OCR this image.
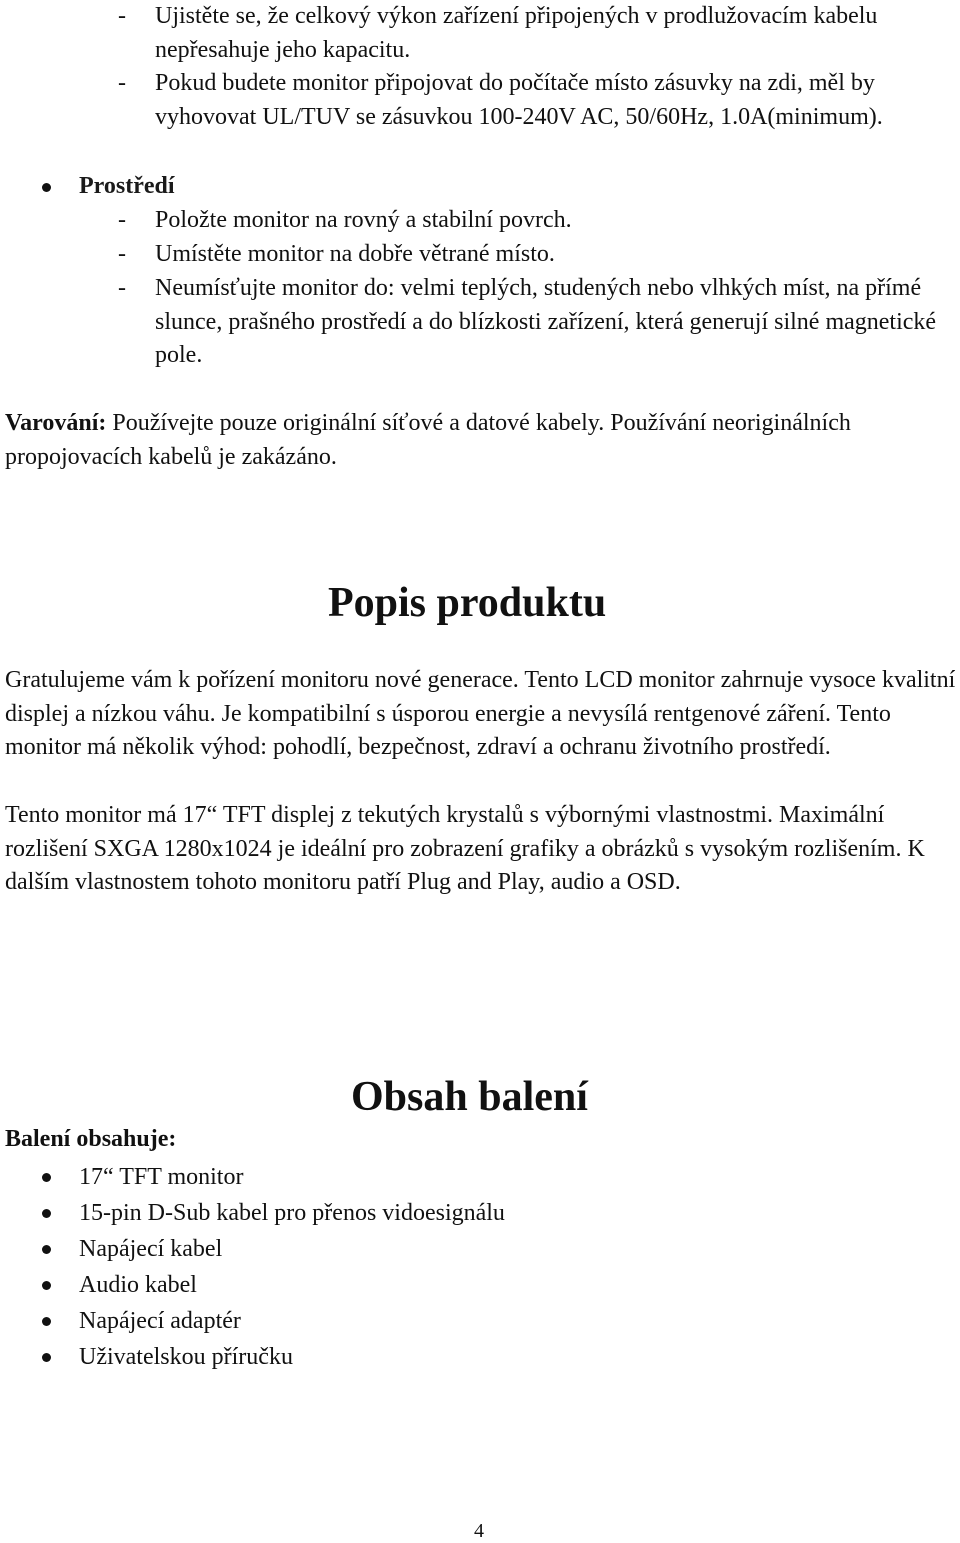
-	Ujistěte se, že celkový výkon zařízení připojených v prodlužovacím kabelu nepřesahuje jeho kapacitu.
-	Pokud budete monitor připojovat do počítače místo zásuvky na zdi, měl by vyhovovat UL/TUV se zásuvkou 100-240V AC, 50/60Hz, 1.0A(minimum).
Prostředí
-	Položte monitor na rovný a stabilní povrch.
-	Umístěte monitor na dobře větrané místo.
-	Neumísťujte monitor do: velmi teplých, studených nebo vlhkých míst, na přímé slunce, prašného prostředí a do blízkosti zařízení, která generují silné magnetické pole.
Varování: Používejte pouze originální síťové a datové kabely. Používání neoriginálních propojovacích kabelů je zakázáno.
Popis produktu
Gratulujeme vám k pořízení monitoru nové generace. Tento LCD monitor zahrnuje vysoce kvalitní displej a nízkou váhu. Je kompatibilní s úsporou energie a nevysílá rentgenové záření. Tento monitor má několik výhod: pohodlí, bezpečnost, zdraví a ochranu životního prostředí.
Tento monitor má 17“ TFT displej z tekutých krystalů s výbornými vlastnostmi. Maximální rozlišení SXGA 1280x1024 je ideální pro zobrazení grafiky a obrázků s vysokým rozlišením. K dalším vlastnostem tohoto monitoru patří Plug and Play, audio a OSD.
Obsah balení
Balení obsahuje:
17“ TFT monitor
15-pin D-Sub kabel pro přenos vidoesignálu
Napájecí kabel
Audio kabel
Napájecí adaptér
Uživatelskou příručku
4
